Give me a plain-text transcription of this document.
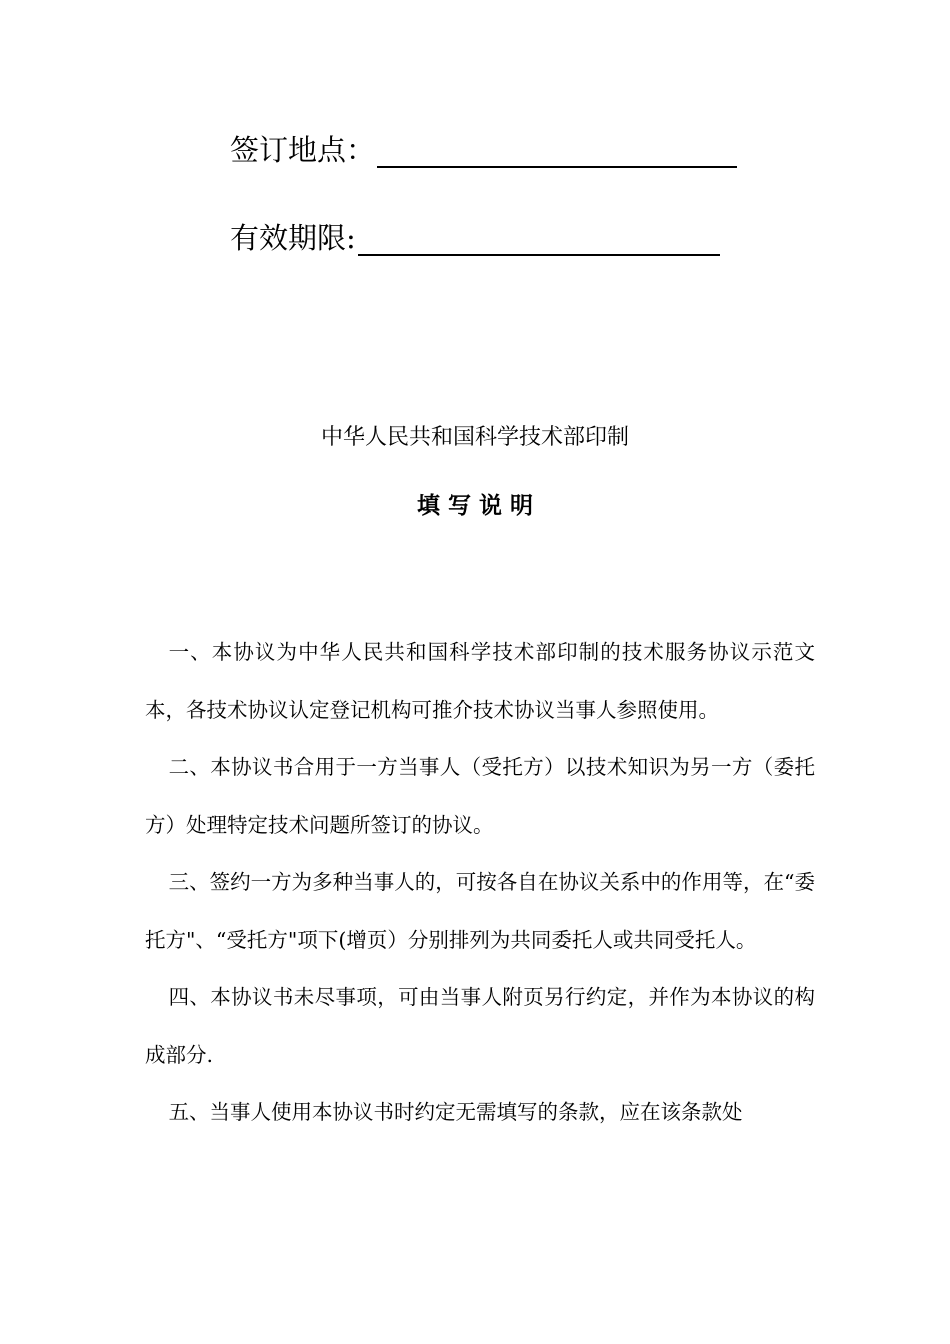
签订地点：
有效期限:
中华人民共和国科学技术部印制
填 写 说 明

一、本协议为中华人民共和国科学技术部印制的技术服务协议示范文本，各技术协议认定登记机构可推介技术协议当事人参照使用。

二、本协议书合用于一方当事人（受托方）以技术知识为另一方（委托方）处理特定技术问题所签订的协议。

三、签约一方为多种当事人的，可按各自在协议关系中的作用等，在“委托方"、“受托方"项下(增页）分别排列为共同委托人或共同受托人。

四、本协议书未尽事项，可由当事人附页另行约定，并作为本协议的构成部分.

五、当事人使用本协议书时约定无需填写的条款，应在该条款处
